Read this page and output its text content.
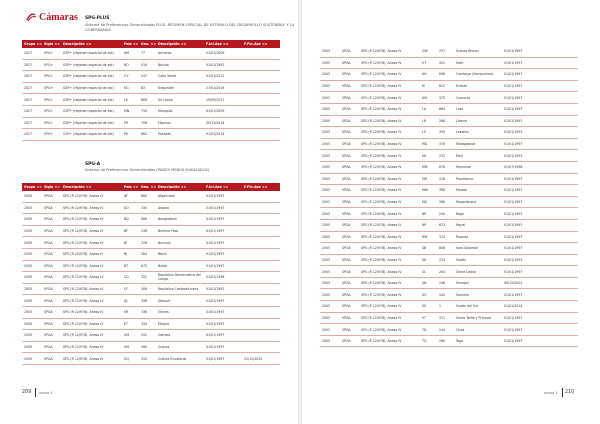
Cámaras SPG-PLUS
Sistema de Preferencias Generalizadas PLUS- RÉGIMEN ESPECIAL DE ESTÍMULO DEL DESARROLLO SOSTENIBLE Y LA GOBERNANZA
Grupo <>	Sigla <>	Descripción <>	País <>	Geo. <>	Descripción <>	F.Ini.Ase <>	F.Fin.Ase <>
2027	SPG+	GSP+ (régimen especial de est)	AM	77	Armenia	01/01/2009	
2027	SPG+	GSP+ (régimen especial de est)	BO	516	Bolivia	01/01/1997	
2027	SPG+	GSP+ (régimen especial de est)	CV	247	Cabo Verde	01/01/2012	
2027	SPG+	GSP+ (régimen especial de est)	KG	83	Kirguistán	27/01/2016	
2027	SPG+	GSP+ (régimen especial de est)	LK	669	Sri Lanka	19/05/2017	
2027	SPG+	GSP+ (régimen especial de est)	MN	716	Mongolia	01/01/2009	
2027	SPG+	GSP+ (régimen especial de est)	PH	708	Filipinas	25/12/2014	
2027	SPG+	GSP+ (régimen especial de est)	PK	662	Pakistán	01/01/2014	
SPG-A
Sistema de Preferencias Generalizadas (PAISES MENOS AVANZADOS)
Grupo <>	Sigla <>	Descripción <>	País <>	Geo. <>	Descripción <>	F.Ini.Ase <>	F.Fin.Ase <>
2005	SPGA	SPG (R 12/978): Anexo IV	AF	660	Afganistán	01/01/1997	
2005	SPGA	SPG (R 12/978): Anexo IV	AO	330	Angola	01/01/1997	
2005	SPGA	SPG (R 12/978): Anexo IV	BD	666	Bangladesh	01/01/1997	
2005	SPGA	SPG (R 12/978): Anexo IV	BF	236	Burkina Faso	01/01/1997	
2005	SPGA	SPG (R 12/978): Anexo IV	BI	328	Burundi	01/01/1997	
2005	SPGA	SPG (R 12/978): Anexo IV	BJ	284	Benín	01/01/1997	
2005	SPGA	SPG (R 12/978): Anexo IV	BT	675	Bután	01/01/1997	
2005	SPGA	SPG (R 12/978): Anexo IV	CD	322	República Democrática del Congo	01/01/1998	
2005	SPGA	SPG (R 12/978): Anexo IV	CF	306	República Centroafricana	01/01/1997	
2005	SPGA	SPG (R 12/978): Anexo IV	DJ	338	Djibouti	01/01/1997	
2005	SPGA	SPG (R 12/978): Anexo IV	ER	336	Eritrea	01/01/1997	
2005	SPGA	SPG (R 12/978): Anexo IV	ET	334	Etiopía	01/01/1997	
2005	SPGA	SPG (R 12/978): Anexo IV	GM	252	Gambia	01/01/1997	
2005	SPGA	SPG (R 12/978): Anexo IV	GN	260	Guinea	01/01/1997	
2005	SPGA	SPG (R 12/978): Anexo IV	GQ	310	Guinea Ecuatorial	01/01/1997	31/12/2020
2005	SPGA	SPG (R 12/978): Anexo IV	GW	257	Guinea Bissau	01/01/1997	
2005	SPGA	SPG (R 12/978): Anexo IV	HT	452	Haití	01/01/1997	
2005	SPGA	SPG (R 12/978): Anexo IV	KH	696	Camboya (Kampuchea)	01/01/1997	
2005	SPGA	SPG (R 12/978): Anexo IV	KI	812	Kiribati	01/01/1997	
2005	SPGA	SPG (R 12/978): Anexo IV	KM	375	Comoras	01/01/1997	
2005	SPGA	SPG (R 12/978): Anexo IV	LA	684	Laos	01/01/1997	
2005	SPGA	SPG (R 12/978): Anexo IV	LR	268	Liberia	01/01/1997	
2005	SPGA	SPG (R 12/978): Anexo IV	LS	395	Lesotho	01/01/1997	
2005	SPGA	SPG (R 12/978): Anexo IV	MG	370	Madagascar	01/01/1997	
2005	SPGA	SPG (R 12/978): Anexo IV	ML	232	Malí	01/01/1997	
2005	SPGA	SPG (R 12/978): Anexo IV	MM	676	Myanmar	01/07/1998	
2005	SPGA	SPG (R 12/978): Anexo IV	MR	228	Mauritania	01/01/1997	
2005	SPGA	SPG (R 12/978): Anexo IV	MW	386	Malawi	01/01/1997	
2005	SPGA	SPG (R 12/978): Anexo IV	MZ	366	Mozambique	01/01/1997	
2005	SPGA	SPG (R 12/978): Anexo IV	NE	240	Níger	01/01/1997	
2005	SPGA	SPG (R 12/978): Anexo IV	NP	672	Nepal	01/01/1997	
2005	SPGA	SPG (R 12/978): Anexo IV	RW	324	Ruanda	01/01/1997	
2005	SPGA	SPG (R 12/978): Anexo IV	SB	806	Islas Salomón	01/01/1997	
2005	SPGA	SPG (R 12/978): Anexo IV	SD	224	Sudán	01/01/1997	
2005	SPGA	SPG (R 12/978): Anexo IV	SL	264	Sierra Leona	01/01/1997	
2005	SPGA	SPG (R 12/978): Anexo IV	SN	248	Senegal	09/12/2001	
2005	SPGA	SPG (R 12/978): Anexo IV	SO	342	Somalia	01/01/1997	
2005	SPGA	SPG (R 12/978): Anexo IV	SS	1	Sudán del Sur	01/01/2014	
2005	SPGA	SPG (R 12/978): Anexo IV	ST	311	Santo Tomé y Príncipe	01/01/1997	
2005	SPGA	SPG (R 12/978): Anexo IV	TD	244	Chad	01/01/1997	
2005	SPGA	SPG (R 12/978): Anexo IV	TG	280	Togo	01/01/1997	
209 anexo 1	anexo 1 210
